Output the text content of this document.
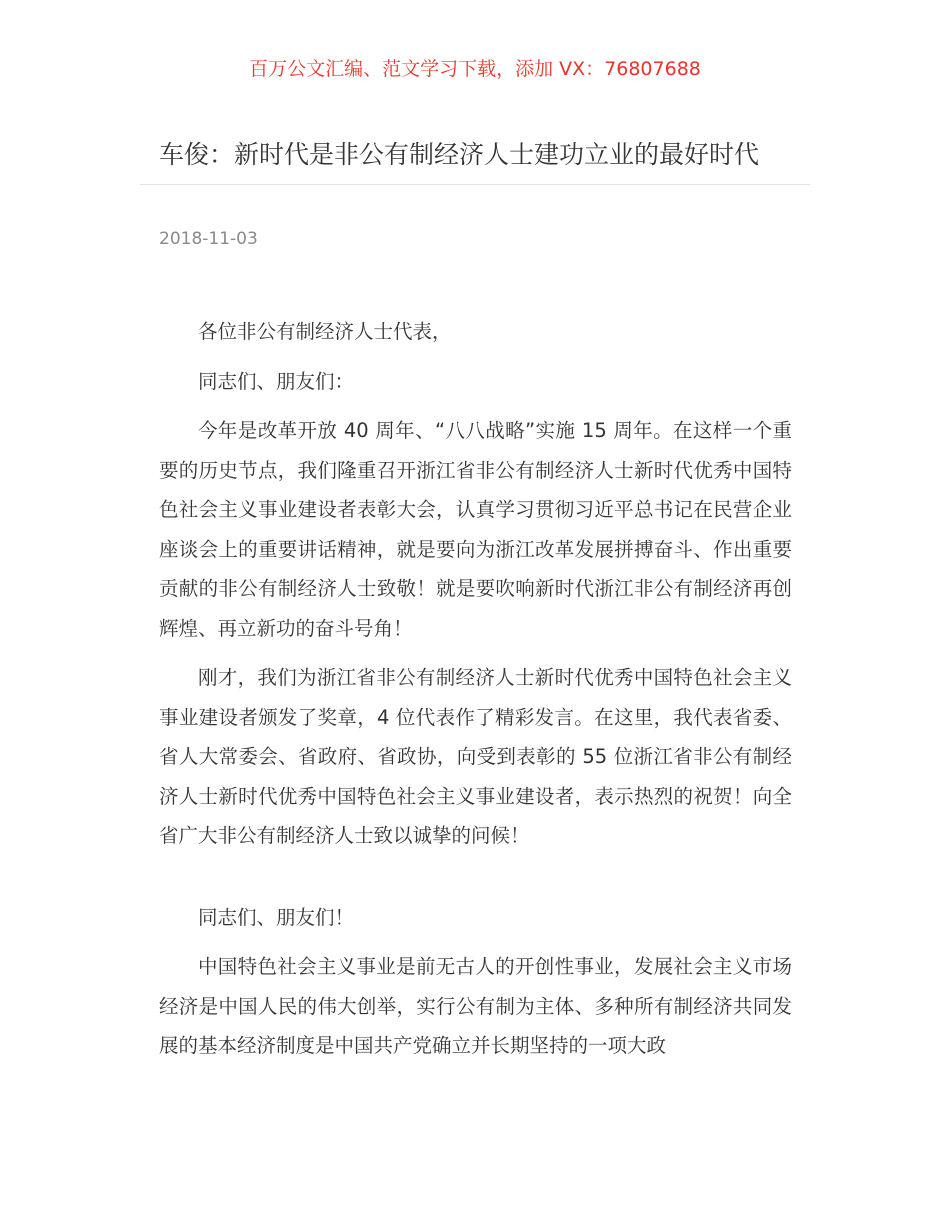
百万公文汇编、范文学习下载，添加 VX：76807688
车俊：新时代是非公有制经济人士建功立业的最好时代
2018-11-03

各位非公有制经济人士代表，

同志们、朋友们：

今年是改革开放 40 周年、“八八战略”实施 15 周年。在这样一个重要的历史节点，我们隆重召开浙江省非公有制经济人士新时代优秀中国特色社会主义事业建设者表彰大会，认真学习贯彻习近平总书记在民营企业座谈会上的重要讲话精神，就是要向为浙江改革发展拼搏奋斗、作出重要贡献的非公有制经济人士致敬！就是要吹响新时代浙江非公有制经济再创辉煌、再立新功的奋斗号角！

刚才，我们为浙江省非公有制经济人士新时代优秀中国特色社会主义事业建设者颁发了奖章，4 位代表作了精彩发言。在这里，我代表省委、省人大常委会、省政府、省政协，向受到表彰的 55 位浙江省非公有制经济人士新时代优秀中国特色社会主义事业建设者，表示热烈的祝贺！向全省广大非公有制经济人士致以诚挚的问候！

同志们、朋友们！

中国特色社会主义事业是前无古人的开创性事业，发展社会主义市场经济是中国人民的伟大创举，实行公有制为主体、多种所有制经济共同发展的基本经济制度是中国共产党确立并长期坚持的一项大政
